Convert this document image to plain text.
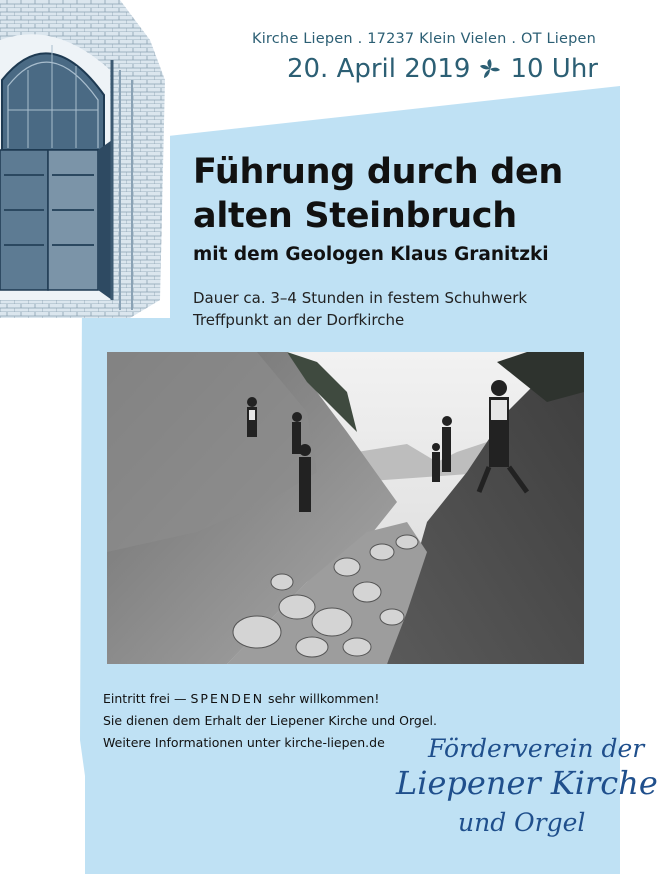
Kirche Liepen . 17237 Klein Vielen . OT Liepen
20. April 2019 10 Uhr
Führung durch den
alten Steinbruch
mit dem Geologen Klaus Granitzki
Dauer ca. 3–4 Stunden in festem Schuhwerk
Treffpunkt an der Dorfkirche
Eintritt frei — SPENDEN sehr willkommen!
Sie dienen dem Erhalt der Liepener Kirche und Orgel.
Weitere Informationen unter kirche-liepen.de	Förderverein der
Liepener Kirche
und Orgel
